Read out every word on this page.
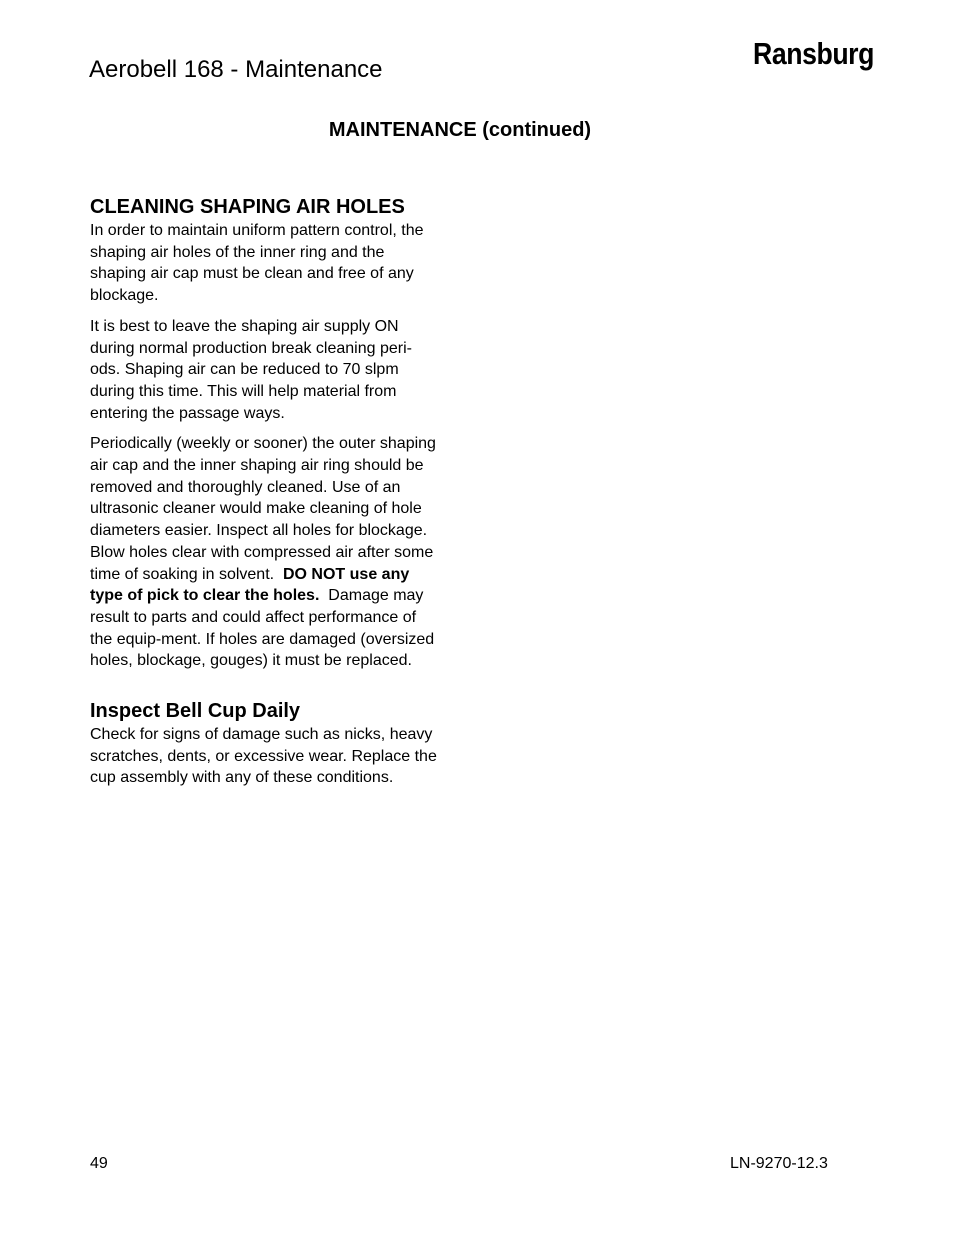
Aerobell 168 - Maintenance	Ransburg
MAINTENANCE (continued)
CLEANING SHAPING AIR HOLES

In order to maintain uniform pattern control, the shaping air holes of the inner ring and the shaping air cap must be clean and free of any blockage.

It is best to leave the shaping air supply ON during normal production break cleaning peri-ods. Shaping air can be reduced to 70 slpm during this time. This will help material from entering the passage ways.

Periodically (weekly or sooner) the outer shaping air cap and the inner shaping air ring should be removed and thoroughly cleaned. Use of an ultrasonic cleaner would make cleaning of hole diameters easier. Inspect all holes for blockage. Blow holes clear with compressed air after some time of soaking in solvent. DO NOT use any type of pick to clear the holes. Damage may result to parts and could affect performance of the equip-ment. If holes are damaged (oversized holes, blockage, gouges) it must be replaced.

Inspect Bell Cup Daily

Check for signs of damage such as nicks, heavy scratches, dents, or excessive wear. Replace the cup assembly with any of these conditions.

49	LN-9270-12.3
